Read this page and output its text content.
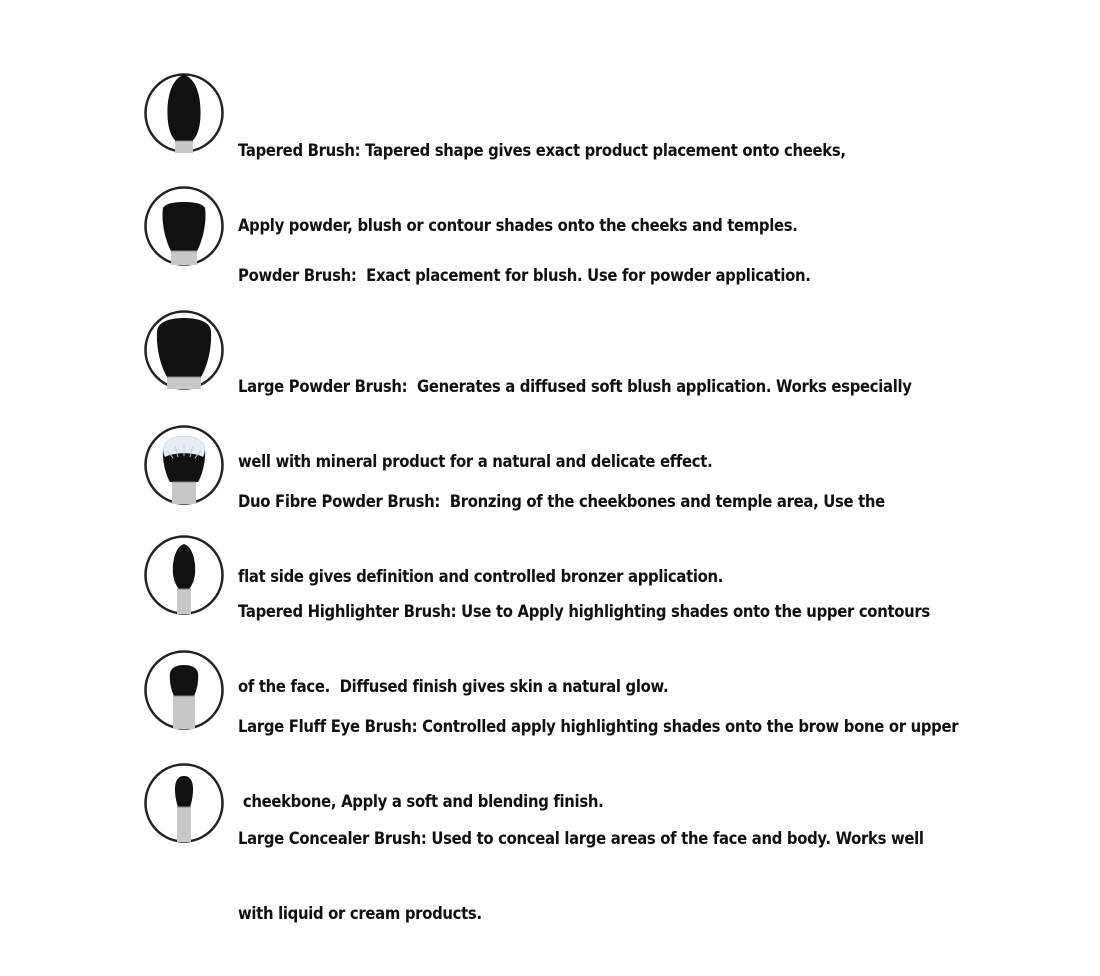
Tapered Brush: Tapered shape gives exact product placement onto cheeks,

Apply powder, blush or contour shades onto the cheeks and temples.

Powder Brush:  Exact placement for blush. Use for powder application.

Large Powder Brush:  Generates a diffused soft blush application. Works especially

well with mineral product for a natural and delicate effect.

Duo Fibre Powder Brush:  Bronzing of the cheekbones and temple area, Use the

flat side gives definition and controlled bronzer application.

Tapered Highlighter Brush: Use to Apply highlighting shades onto the upper contours

of the face.  Diffused finish gives skin a natural glow.

Large Fluff Eye Brush: Controlled apply highlighting shades onto the brow bone or upper

cheekbone, Apply a soft and blending finish.

Large Concealer Brush: Used to conceal large areas of the face and body. Works well

with liquid or cream products.
